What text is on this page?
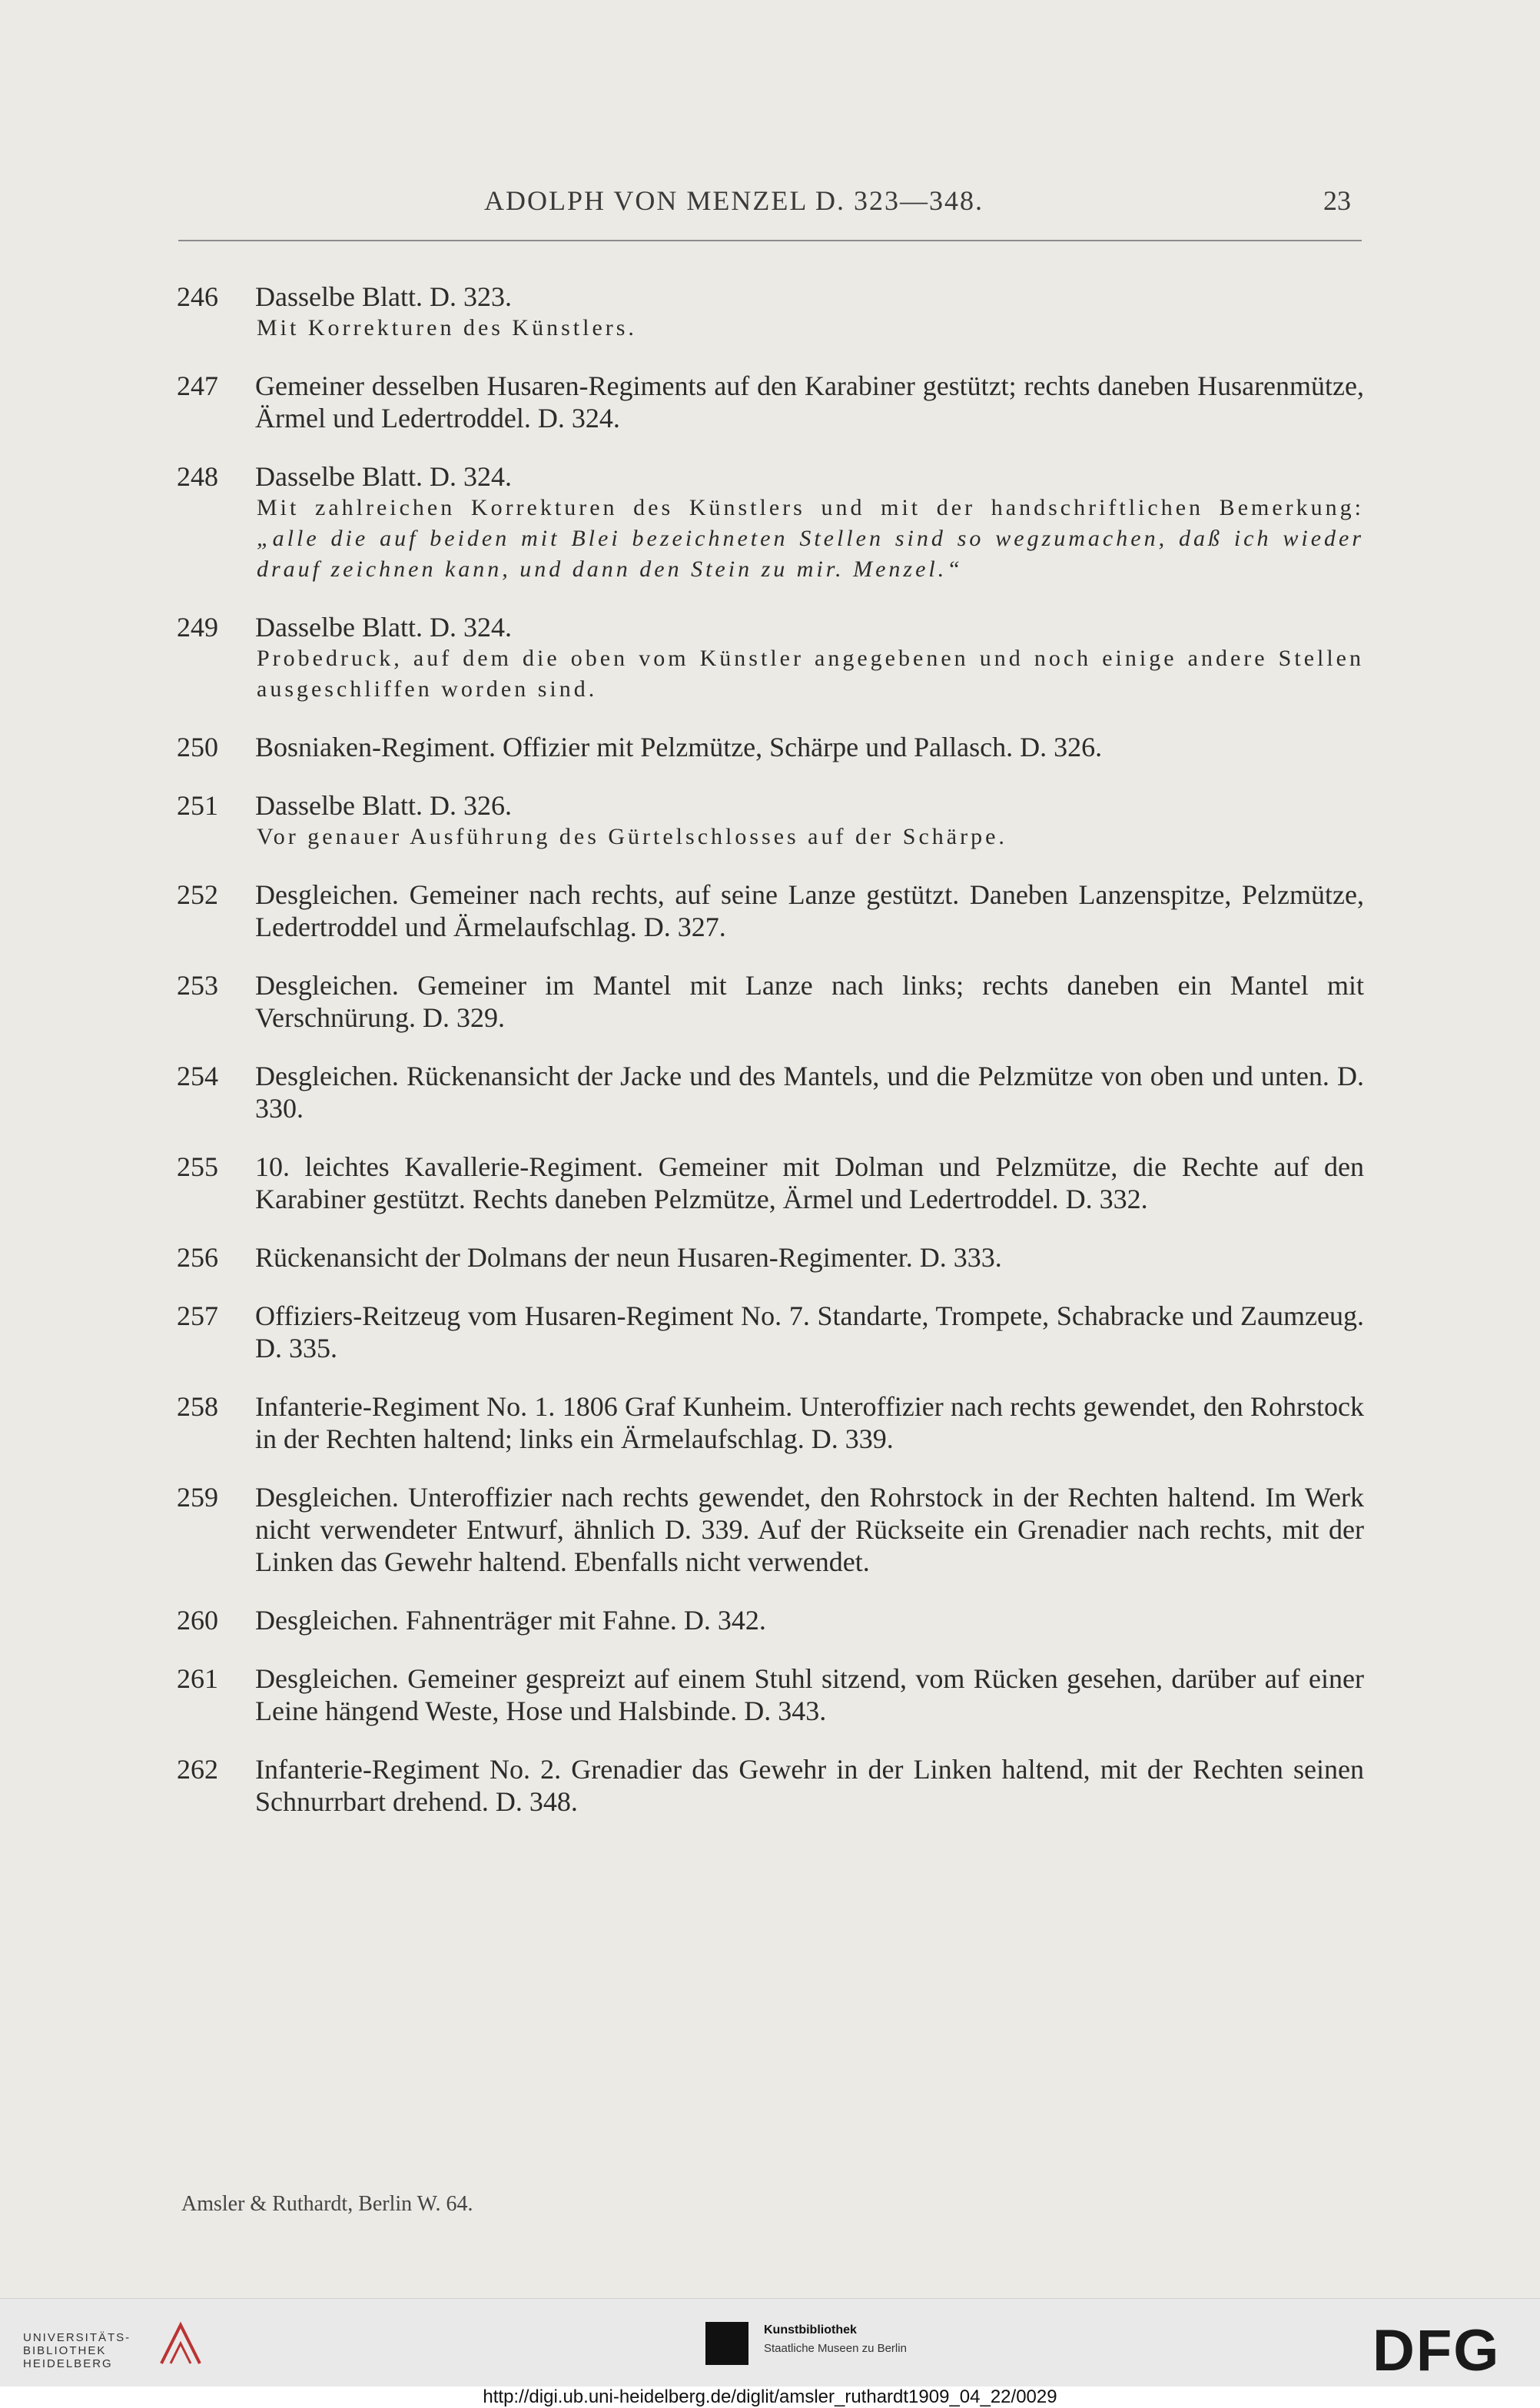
ADOLPH VON MENZEL D. 323—348.	23
246 Dasselbe Blatt. D. 323.
Mit Korrekturen des Künstlers.
247 Gemeiner desselben Husaren-Regiments auf den Karabiner gestützt; rechts daneben Husarenmütze, Ärmel und Ledertroddel. D. 324.
248 Dasselbe Blatt. D. 324.
Mit zahlreichen Korrekturen des Künstlers und mit der handschriftlichen Bemerkung: „alle die auf beiden mit Blei bezeichneten Stellen sind so wegzumachen, daß ich wieder drauf zeichnen kann, und dann den Stein zu mir. Menzel.“
249 Dasselbe Blatt. D. 324.
Probedruck, auf dem die oben vom Künstler angegebenen und noch einige andere Stellen ausgeschliffen worden sind.
250 Bosniaken-Regiment. Offizier mit Pelzmütze, Schärpe und Pallasch. D. 326.
251 Dasselbe Blatt. D. 326.
Vor genauer Ausführung des Gürtelschlosses auf der Schärpe.
252 Desgleichen. Gemeiner nach rechts, auf seine Lanze gestützt. Daneben Lanzenspitze, Pelzmütze, Ledertroddel und Ärmelaufschlag. D. 327.
253 Desgleichen. Gemeiner im Mantel mit Lanze nach links; rechts daneben ein Mantel mit Verschnürung. D. 329.
254 Desgleichen. Rückenansicht der Jacke und des Mantels, und die Pelzmütze von oben und unten. D. 330.
255 10. leichtes Kavallerie-Regiment. Gemeiner mit Dolman und Pelzmütze, die Rechte auf den Karabiner gestützt. Rechts daneben Pelzmütze, Ärmel und Ledertroddel. D. 332.
256 Rückenansicht der Dolmans der neun Husaren-Regimenter. D. 333.
257 Offiziers-Reitzeug vom Husaren-Regiment No. 7. Standarte, Trompete, Schabracke und Zaumzeug. D. 335.
258 Infanterie-Regiment No. 1. 1806 Graf Kunheim. Unteroffizier nach rechts gewendet, den Rohrstock in der Rechten haltend; links ein Ärmelaufschlag. D. 339.
259 Desgleichen. Unteroffizier nach rechts gewendet, den Rohrstock in der Rechten haltend. Im Werk nicht verwendeter Entwurf, ähnlich D. 339. Auf der Rückseite ein Grenadier nach rechts, mit der Linken das Gewehr haltend. Ebenfalls nicht verwendet.
260 Desgleichen. Fahnenträger mit Fahne. D. 342.
261 Desgleichen. Gemeiner gespreizt auf einem Stuhl sitzend, vom Rücken gesehen, darüber auf einer Leine hängend Weste, Hose und Halsbinde. D. 343.
262 Infanterie-Regiment No. 2. Grenadier das Gewehr in der Linken haltend, mit der Rechten seinen Schnurrbart drehend. D. 348.
Amsler & Ruthardt, Berlin W. 64.
UNIVERSITÄTS-
BIBLIOTHEK
HEIDELBERG
Kunstbibliothek
Staatliche Museen zu Berlin	DFG
http://digi.ub.uni-heidelberg.de/diglit/amsler_ruthardt1909_04_22/0029
